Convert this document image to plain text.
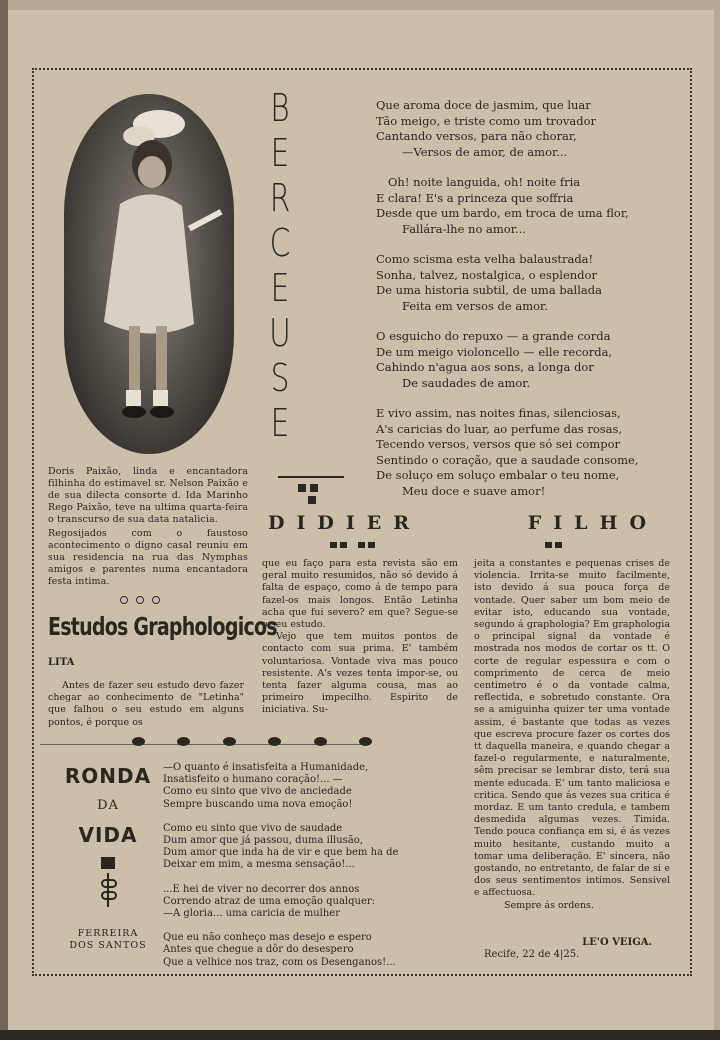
Doris Paixão, linda e encantadora filhinha do estimavel sr. Nelson Paixão e de sua dilecta consorte d. Ida Marinho Rego Paixão, teve na ultima quarta-feira o transcurso de sua data natalicia.

Regosijados com o faustoso acontecimento o digno casal reuniu em sua residencia na rua das Nymphas amigos e parentes numa encantadora festa intima.

B
E
R
C
E
U
S
E
Que aroma doce de jasmim, que luar
Tão meigo, e triste como um trovador
Cantando versos, para não chorar,
—Versos de amor, de amor...
Oh! noite languida, oh! noite fria
E clara! E's a princeza que soffria
Desde que um bardo, em troca de uma flor,
Fallára-lhe no amor...
Como scisma esta velha balaustrada!
Sonha, talvez, nostalgica, o esplendor
De uma historia subtil, de uma ballada
Feita em versos de amor.
O esguicho do repuxo — a grande corda
De um meigo violoncello — elle recorda,
Cahindo n'agua aos sons, a longa dor
De saudades de amor.
E vivo assim, nas noites finas, silenciosas,
A's caricias do luar, ao perfume das rosas,
Tecendo versos, versos que só sei compor
Sentindo o coração, que a saudade consome,
De soluço em soluço embalar o teu nome,
Meu doce e suave amor!
DIDIER	FILHO
Estudos Graphologicos
LITA

Antes de fazer seu estudo devo fazer chegar ao conhecimento de "Letinha" que falhou o seu estudo em alguns pontos, é porque os

que eu faço para esta revista são em geral muito resumidos, não só devido á falta de espaço, como á de tempo para fazel-os mais longos. Então Letinha acha que fui severo? em que? Segue-se o seu estudo.

Vejo que tem muitos pontos de contacto com sua prima. E' também voluntariosa. Vontade viva mas pouco resistente. A's vezes tenta impor-se, ou tenta fazer alguma cousa, mas ao primeiro impecilho. Espirito de iniciativa. Su-

jeita a constantes e pequenas crises de violencia. Irrita-se muito facilmente, isto devido á sua pouca força de vontade. Quer saber um bom meio de evitar isto, educando sua vontade, segundo á graphologia? Em graphologia o principal signal da vontade é mostrada nos modos de cortar os tt. O corte de regular espessura e com o comprimento de cerca de meio centimetro é o da vontade calma, reflectida, e sobretudo constante. Ora se a amiguinha quizer ter uma vontade assim, é bastante que todas as vezes que escreva procure fazer os cortes dos tt daquella maneira, e quando chegar a fazel-o regularmente, e naturalmente, sêm precisar se lembrar disto, terá sua mente educada. E' um tanto maliciosa e critica. Sendo que ás vezes sua critica é mordaz. E um tanto credula, e tambem desmedida algumas vezes. Timida. Tendo pouca confiança em si, é ás vezes muito hesitante, custando muito a tomar uma deliberação. E' sincera, não gostando, no entretanto, de falar de si e dos seus sentimentos intimos. Sensivel e affectuosa.

Sempre ás ordens.

LE'O VEIGA.
Recife, 22 de 4|25.
RONDA
DA
VIDA
FERREIRA
DOS SANTOS
—O quanto é insatisfeita a Humanidade,
Insatisfeito o humano coração!... —
Como eu sinto que vivo de anciedade
Sempre buscando uma nova emoção!
Como eu sinto que vivo de saudade
Dum amor que já passou, duma illusão,
Dum amor que inda ha de vir e que bem ha de
Deixar em mim, a mesma sensação!...
...E hei de viver no decorrer dos annos
Correndo atraz de uma emoção qualquer:
—A gloria... uma caricia de mulher
Que eu não conheço mas desejo e espero
Antes que chegue a dôr do desespero
Que a velhice nos traz, com os Desenganos!...
